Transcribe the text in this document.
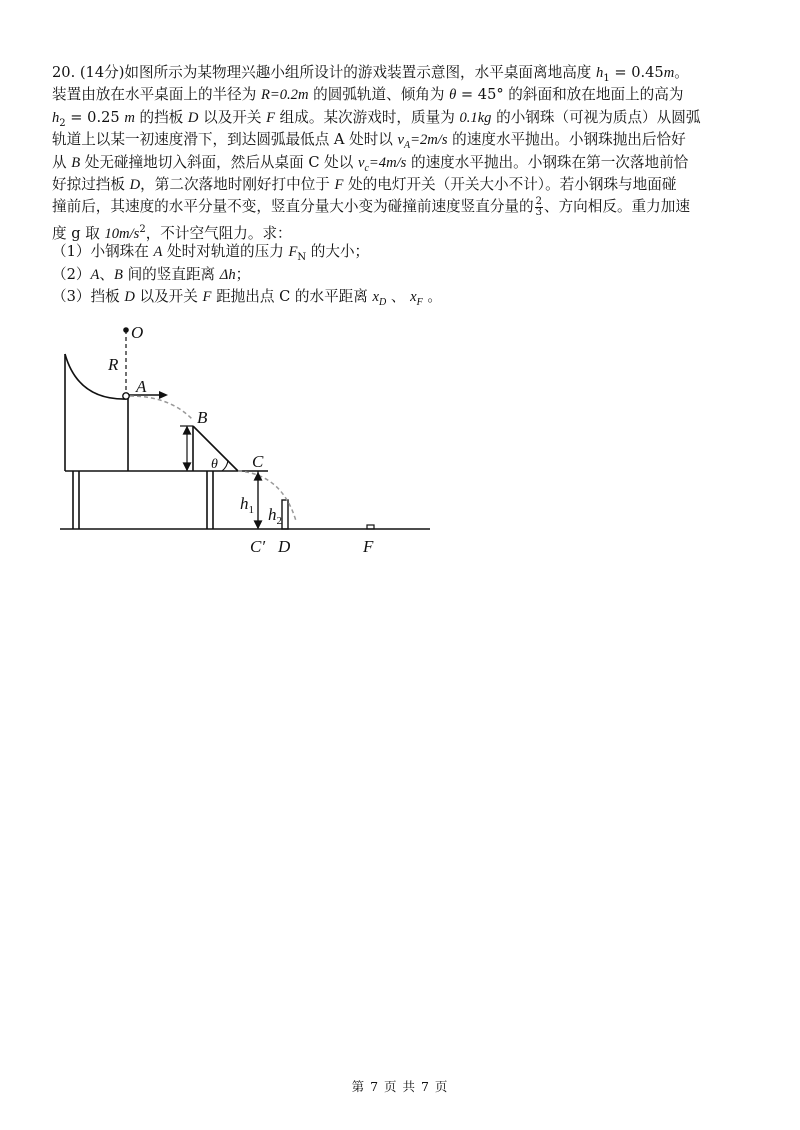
20. (14分)如图所示为某物理兴趣小组所设计的游戏装置示意图，水平桌面离地高度 $h_1 = 0.45m$。
装置由放在水平桌面上的半径为 R=0.2m 的圆弧轨道、倾角为 θ = 45° 的斜面和放在地面上的高为
$h_2 = 0.25$ m 的挡板 D 以及开关 F 组成。某次游戏时，质量为 0.1kg 的小钢珠（可视为质点）从圆弧
轨道上以某一初速度滑下，到达圆弧最低点 A 处时以 $v_A=2m/s$ 的速度水平抛出。小钢珠抛出后恰好
从 B 处无碰撞地切入斜面，然后从桌面 C 处以 $v_c=4m/s$ 的速度水平抛出。小钢珠在第一次落地前恰
好掠过挡板 D，第二次落地时刚好打中位于 F 处的电灯开关（开关大小不计）。若小钢珠与地面碰
撞前后，其速度的水平分量不变，竖直分量大小变为碰撞前速度竖直分量的 $\frac{2}{3}$ 、方向相反。重力加速
度 g 取 $10m/s^2$，不计空气阻力。求：
（1）小钢珠在 A 处时对轨道的压力 $F_N$ 的大小；
（2）A、B 间的竖直距离 Δh；
（3）挡板 D 以及开关 F 距抛出点 C 的水平距离 $x_D$ 、 $x_F$ 。
O
R
A
B
C
θ
$h_1$ $h_2$
C′ D	F
第 7 页 共 7 页
